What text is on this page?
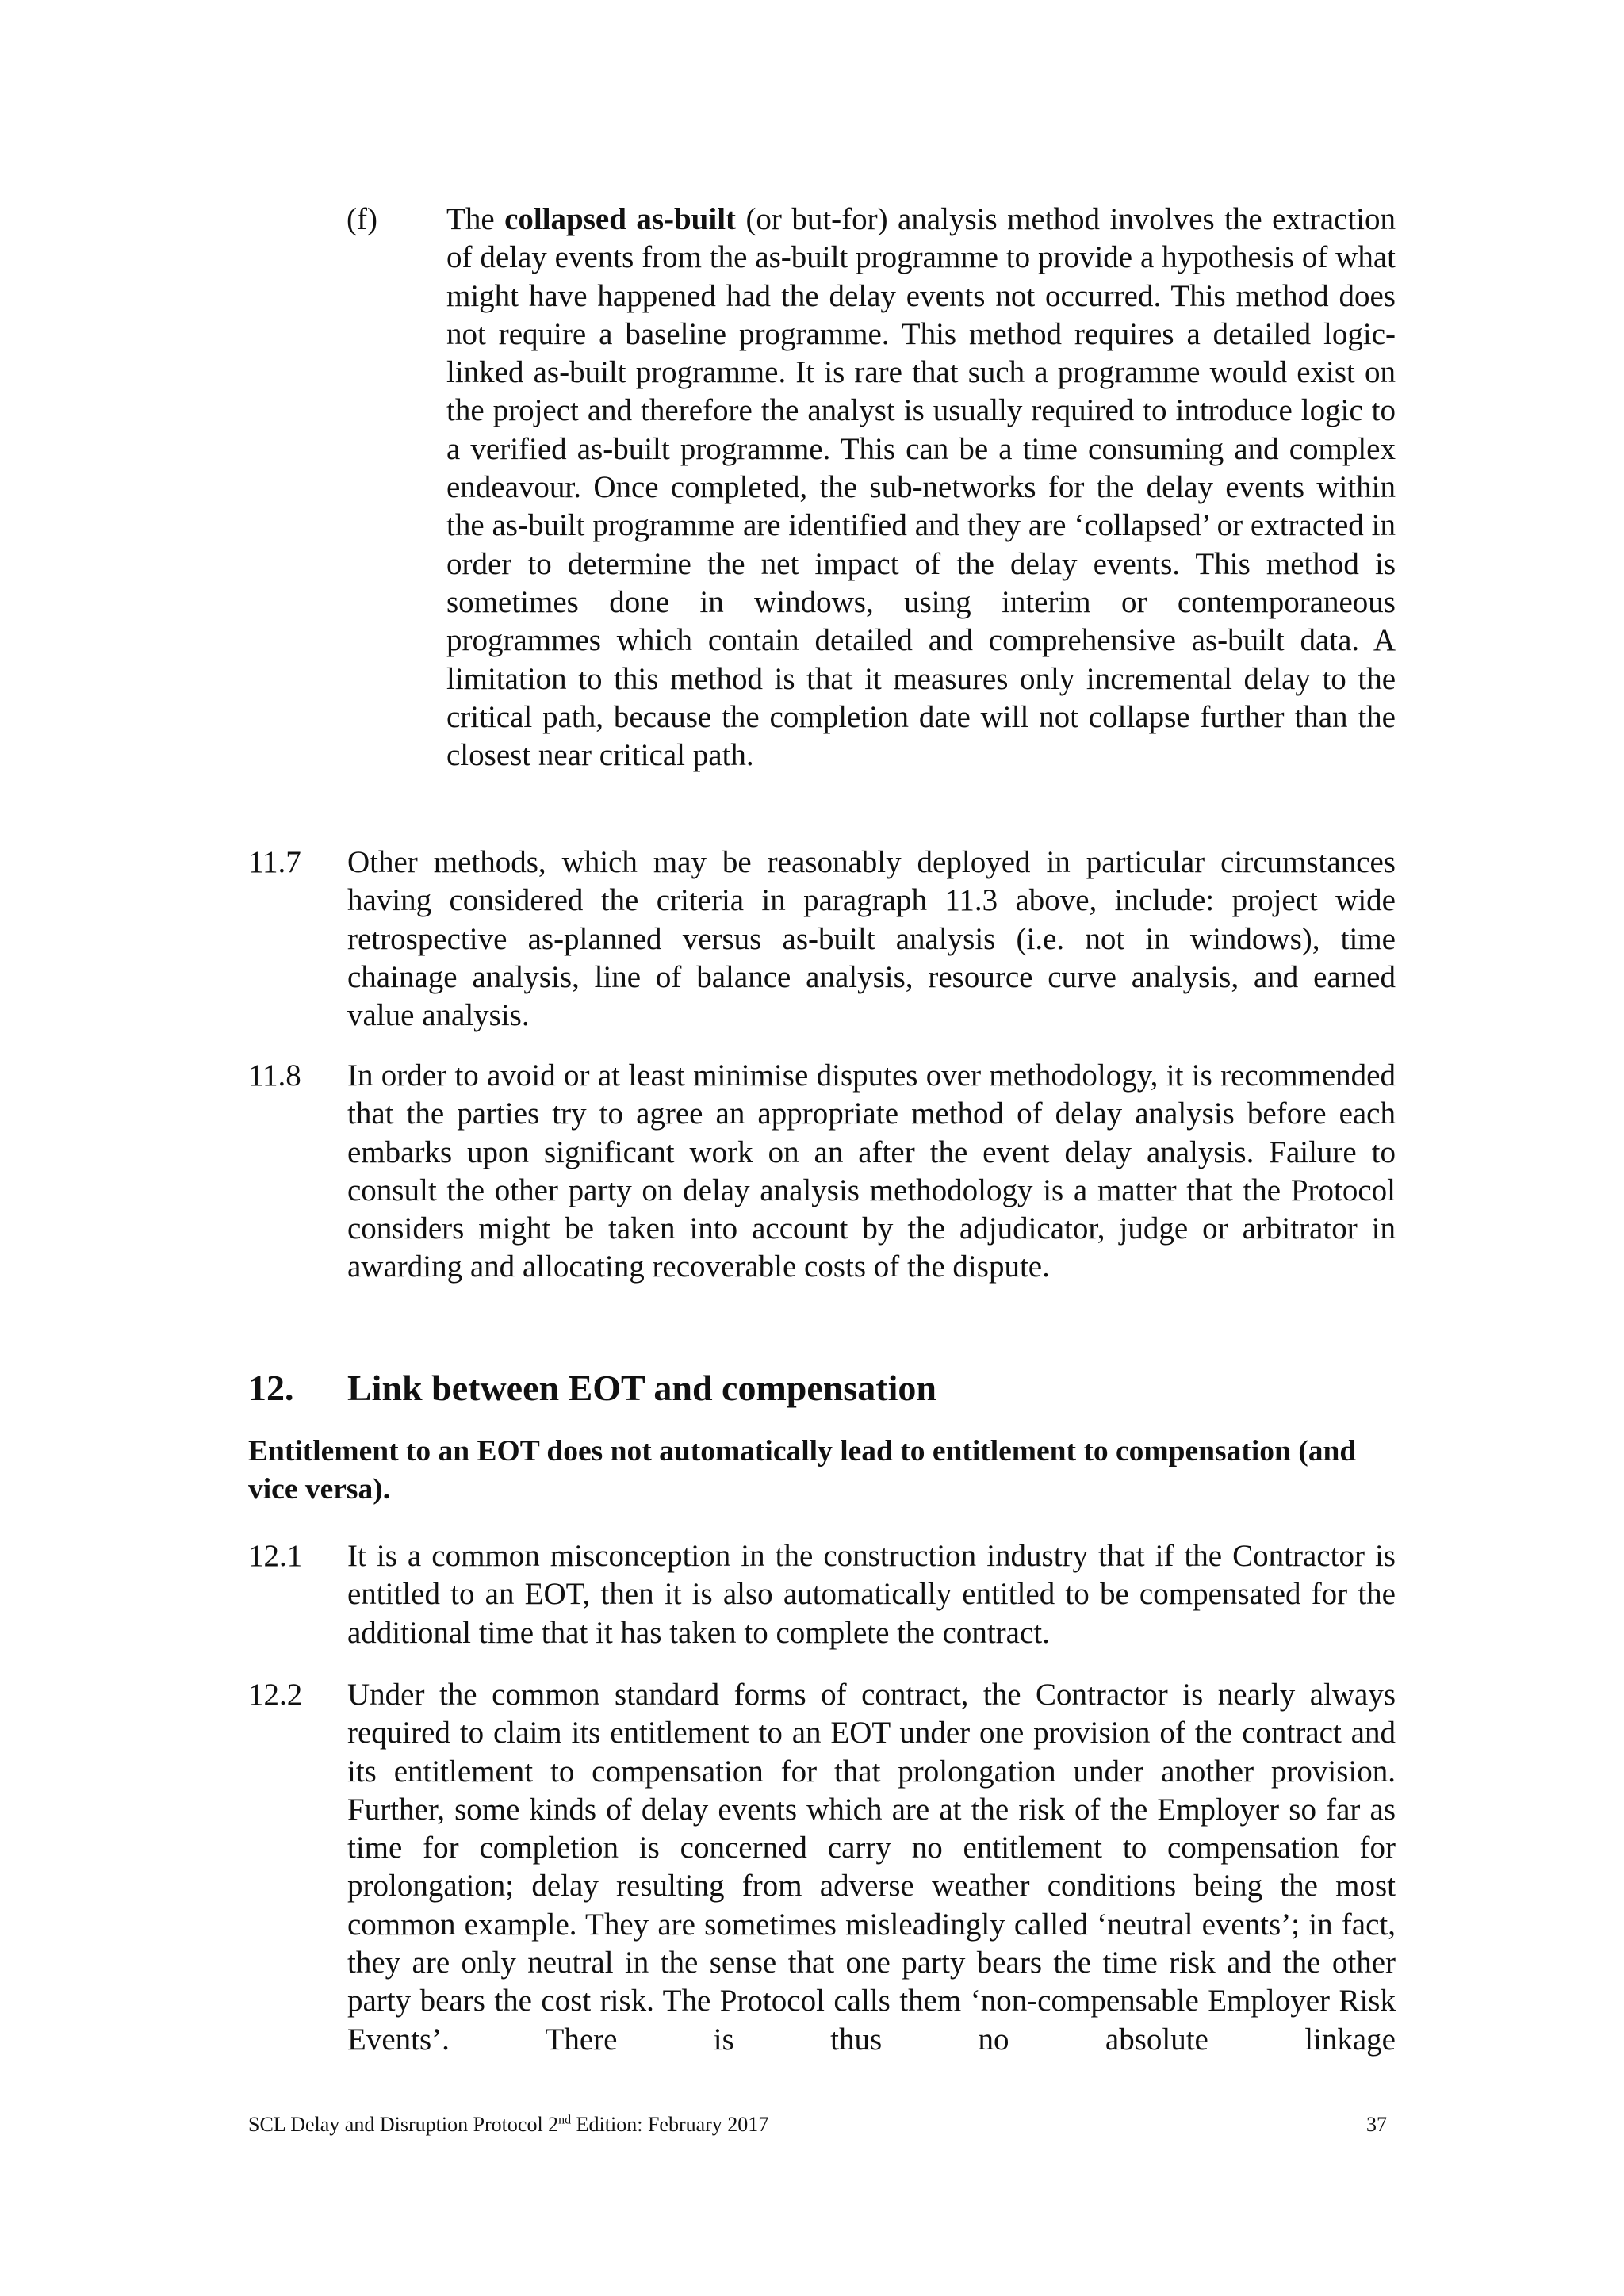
(f) The collapsed as-built (or but-for) analysis method involves the extraction of delay events from the as-built programme to provide a hypothesis of what might have happened had the delay events not occurred. This method does not require a baseline programme. This method requires a detailed logic-linked as-built programme. It is rare that such a programme would exist on the project and therefore the analyst is usually required to introduce logic to a verified as-built programme. This can be a time consuming and complex endeavour. Once completed, the sub-networks for the delay events within the as-built programme are identified and they are ‘collapsed’ or extracted in order to determine the net impact of the delay events. This method is sometimes done in windows, using interim or contemporaneous programmes which contain detailed and comprehensive as-built data. A limitation to this method is that it measures only incremental delay to the critical path, because the completion date will not collapse further than the closest near critical path.
11.7 Other methods, which may be reasonably deployed in particular circumstances having considered the criteria in paragraph 11.3 above, include: project wide retrospective as-planned versus as-built analysis (i.e. not in windows), time chainage analysis, line of balance analysis, resource curve analysis, and earned value analysis.
11.8 In order to avoid or at least minimise disputes over methodology, it is recommended that the parties try to agree an appropriate method of delay analysis before each embarks upon significant work on an after the event delay analysis. Failure to consult the other party on delay analysis methodology is a matter that the Protocol considers might be taken into account by the adjudicator, judge or arbitrator in awarding and allocating recoverable costs of the dispute.
12. Link between EOT and compensation
Entitlement to an EOT does not automatically lead to entitlement to compensation (and vice versa).
12.1 It is a common misconception in the construction industry that if the Contractor is entitled to an EOT, then it is also automatically entitled to be compensated for the additional time that it has taken to complete the contract.
12.2 Under the common standard forms of contract, the Contractor is nearly always required to claim its entitlement to an EOT under one provision of the contract and its entitlement to compensation for that prolongation under another provision. Further, some kinds of delay events which are at the risk of the Employer so far as time for completion is concerned carry no entitlement to compensation for prolongation; delay resulting from adverse weather conditions being the most common example. They are sometimes misleadingly called ‘neutral events’; in fact, they are only neutral in the sense that one party bears the time risk and the other party bears the cost risk. The Protocol calls them ‘non-compensable Employer Risk Events’. There is thus no absolute linkage
SCL Delay and Disruption Protocol 2nd Edition: February 2017	37
